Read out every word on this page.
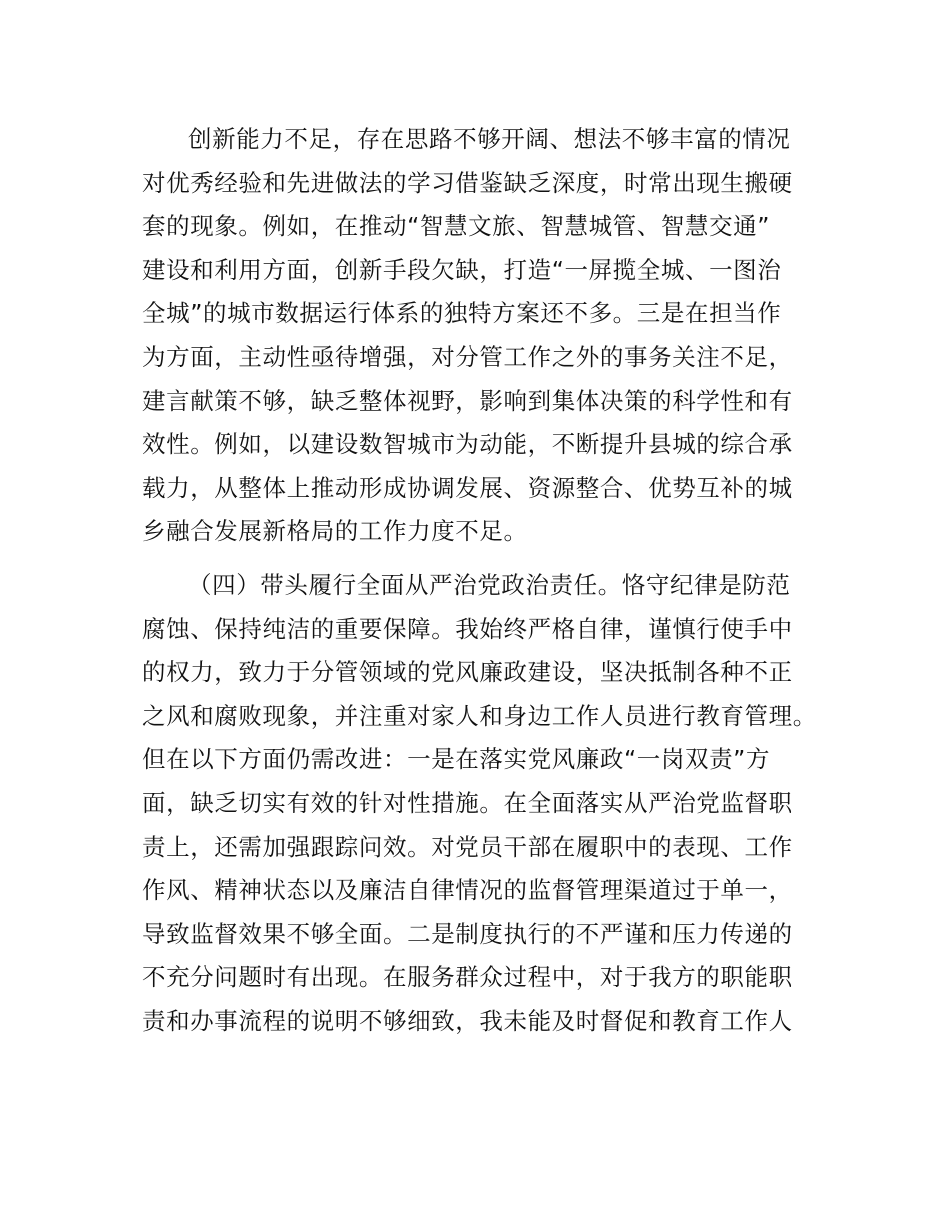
创新能力不足，存在思路不够开阔、想法不够丰富的情况
对优秀经验和先进做法的学习借鉴缺乏深度，时常出现生搬硬
套的现象。例如，在推动“智慧文旅、智慧城管、智慧交通”
建设和利用方面，创新手段欠缺，打造“一屏揽全城、一图治
全城”的城市数据运行体系的独特方案还不多。三是在担当作
为方面，主动性亟待增强，对分管工作之外的事务关注不足，
建言献策不够，缺乏整体视野，影响到集体决策的科学性和有
效性。例如，以建设数智城市为动能，不断提升县城的综合承
载力，从整体上推动形成协调发展、资源整合、优势互补的城
乡融合发展新格局的工作力度不足。
（四）带头履行全面从严治党政治责任。恪守纪律是防范
腐蚀、保持纯洁的重要保障。我始终严格自律，谨慎行使手中
的权力，致力于分管领域的党风廉政建设，坚决抵制各种不正
之风和腐败现象，并注重对家人和身边工作人员进行教育管理。
但在以下方面仍需改进：一是在落实党风廉政“一岗双责”方
面，缺乏切实有效的针对性措施。在全面落实从严治党监督职
责上，还需加强跟踪问效。对党员干部在履职中的表现、工作
作风、精神状态以及廉洁自律情况的监督管理渠道过于单一，
导致监督效果不够全面。二是制度执行的不严谨和压力传递的
不充分问题时有出现。在服务群众过程中，对于我方的职能职
责和办事流程的说明不够细致，我未能及时督促和教育工作人
